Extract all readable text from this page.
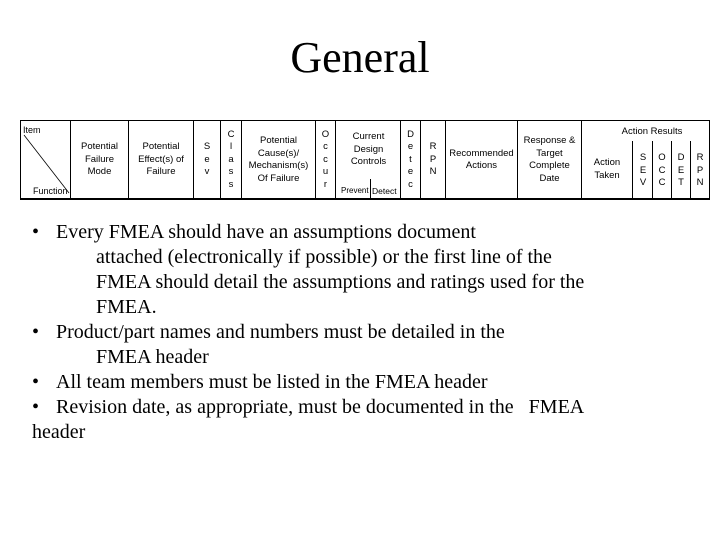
General
Item
Function
Potential
Failure
Mode
Potential
Effect(s) of
Failure
S
e
v
C
l
a
s
s
Potential
Cause(s)/
Mechanism(s)
Of Failure
O
c
c
u
r
Current
Design
Controls
Prevent Detect
D
e
t
e
c
R
P
N
Recommended
Actions
Response &
Target
Complete
Date
Action Results
Action
Taken
S
E
V
O
C
C
D
E
T
R
P
N
• Every FMEA should have an assumptions document
attached (electronically if possible) or the first line of the
FMEA should detail the assumptions and ratings used for the
FMEA.
• Product/part names and numbers must be detailed in the
FMEA header
• All team members must be listed in the FMEA header
• Revision date, as appropriate, must be documented in the   FMEA
header
